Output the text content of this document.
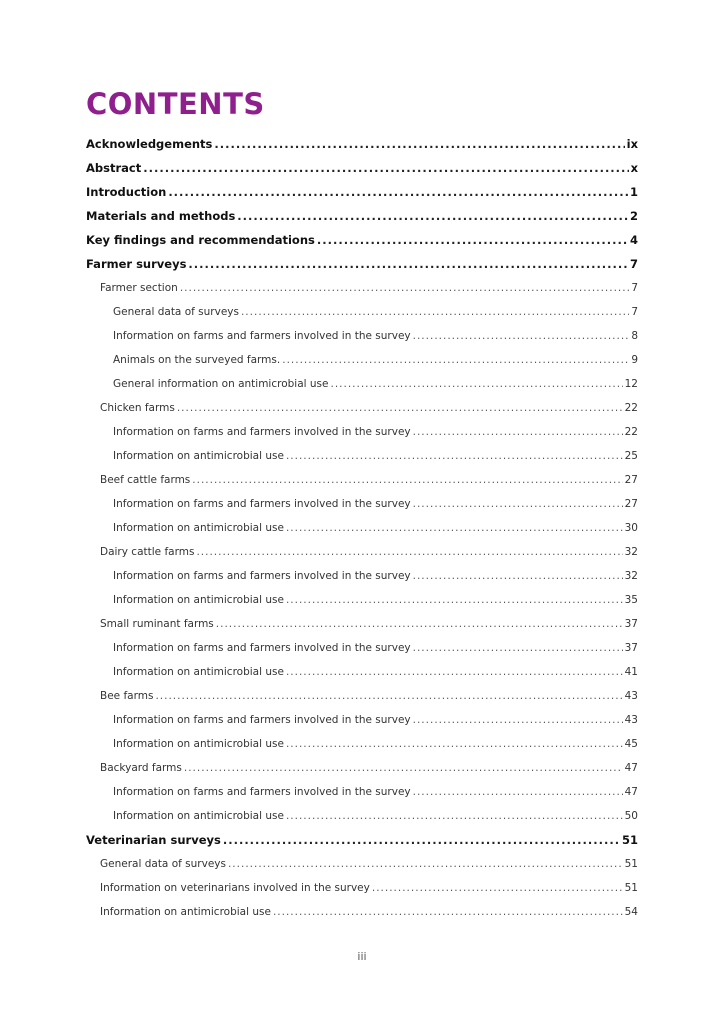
CONTENTS
Acknowledgements .....	ix
Abstract .....	x
Introduction .....	1
Materials and methods .....	2
Key findings and recommendations .....	4
Farmer surveys .....	7
Farmer section .....	7
General data of surveys .....	7
Information on farms and farmers involved in the survey .....	8
Animals on the surveyed farms. .....	9
General information on antimicrobial use .....	12
Chicken farms .....	22
Information on farms and farmers involved in the survey .....	22
Information on antimicrobial use .....	25
Beef cattle farms .....	27
Information on farms and farmers involved in the survey .....	27
Information on antimicrobial use .....	30
Dairy cattle farms .....	32
Information on farms and farmers involved in the survey .....	32
Information on antimicrobial use .....	35
Small ruminant farms .....	37
Information on farms and farmers involved in the survey .....	37
Information on antimicrobial use .....	41
Bee farms .....	43
Information on farms and farmers involved in the survey .....	43
Information on antimicrobial use .....	45
Backyard farms .....	47
Information on farms and farmers involved in the survey .....	47
Information on antimicrobial use .....	50
Veterinarian surveys .....	51
General data of surveys .....	51
Information on veterinarians involved in the survey .....	51
Information on antimicrobial use .....	54
iii
